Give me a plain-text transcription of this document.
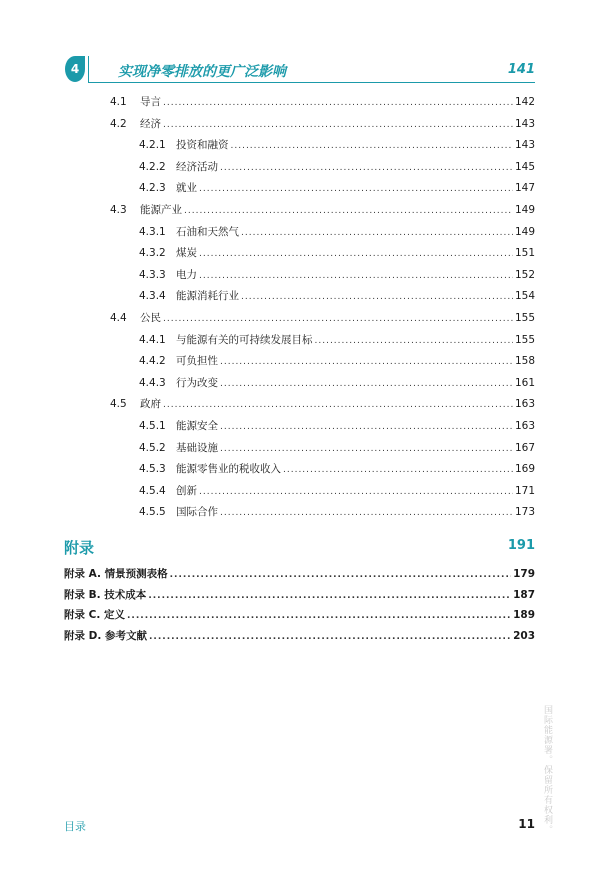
4	实现净零排放的更广泛影响	141
4.1	导言 .....	142
4.2	经济 .....	143
4.2.1 投资和融资 .....	143
4.2.2 经济活动 .....	145
4.2.3 就业 .....	147
4.3	能源产业 .....	149
4.3.1 石油和天然气 .....	149
4.3.2 煤炭 .....	151
4.3.3 电力 .....	152
4.3.4 能源消耗行业 .....	154
4.4	公民 .....	155
4.4.1 与能源有关的可持续发展目标 .....	155
4.4.2 可负担性 .....	158
4.4.3 行为改变 .....	161
4.5	政府 .....	163
4.5.1 能源安全 .....	163
4.5.2 基础设施 .....	167
4.5.3 能源零售业的税收收入 .....	169
4.5.4 创新 .....	171
4.5.5 国际合作 .....	173
附录	191
附录 A. 情景预测表格 .....	179
附录 B. 技术成本 .....	187
附录 C. 定义 .....	189
附录 D. 参考文献 .....	203
目录	11 国际能源署。保留所有权利。
